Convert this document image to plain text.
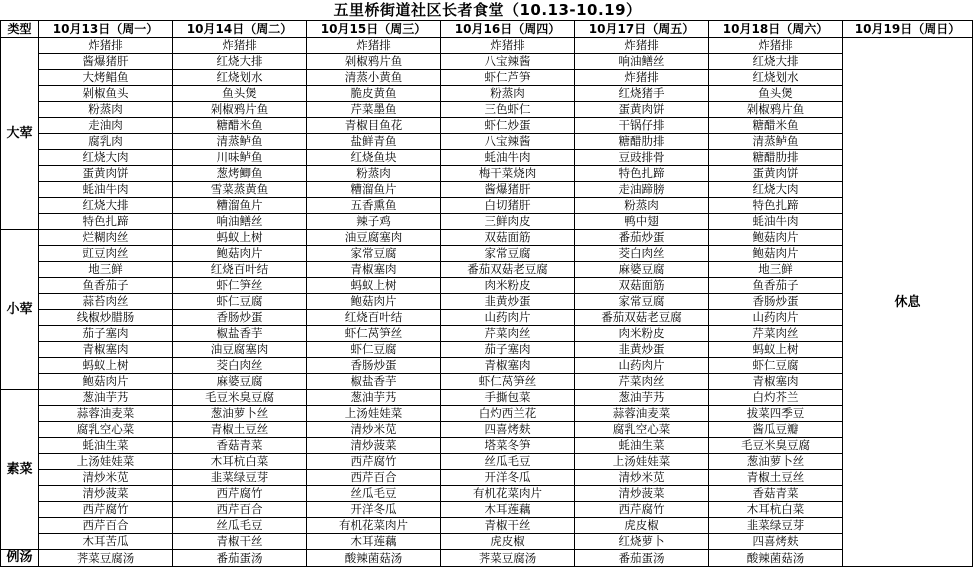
五里桥街道社区长者食堂（10.13-10.19）
类型	10月13日（周一）	10月14日（周二）	10月15日（周三）	10月16日（周四）	10月17日（周五）	10月18日（周六）	10月19日（周日）
大荤	炸猪排	炸猪排	炸猪排	炸猪排	炸猪排	炸猪排	休息
	酱爆猪肝	红烧大排	剁椒鸦片鱼	八宝辣酱	响油鳝丝	红烧大排	
	大烤鲳鱼	红烧划水	清蒸小黄鱼	虾仁芦笋	炸猪排	红烧划水	
	剁椒鱼头	鱼头煲	脆皮黄鱼	粉蒸肉	红烧猪手	鱼头煲	
	粉蒸肉	剁椒鸦片鱼	芹菜墨鱼	三色虾仁	蛋黄肉饼	剁椒鸦片鱼	
	走油肉	糖醋米鱼	青椒目鱼花	虾仁炒蛋	干锅仔排	糖醋米鱼	
	腐乳肉	清蒸鲈鱼	盐鲜青鱼	八宝辣酱	糖醋肋排	清蒸鲈鱼	
	红烧大肉	川味鲈鱼	红烧鱼块	蚝油牛肉	豆豉排骨	糖醋肋排	
	蛋黄肉饼	葱烤鲫鱼	粉蒸肉	梅干菜烧肉	特色扎蹄	蛋黄肉饼	
	蚝油牛肉	雪菜蒸黄鱼	糟溜鱼片	酱爆猪肝	走油蹄膀	红烧大肉	
	红烧大排	糟溜鱼片	五香熏鱼	白切猪肝	粉蒸肉	特色扎蹄	
	特色扎蹄	响油鳝丝	辣子鸡	三鲜肉皮	鸭中翅	蚝油牛肉	
小荤	烂糊肉丝	蚂蚁上树	油豆腐塞肉	双菇面筋	番茄炒蛋	鲍菇肉片	
	豇豆肉丝	鲍菇肉片	家常豆腐	家常豆腐	茭白肉丝	鲍菇肉片	
	地三鲜	红烧百叶结	青椒塞肉	番茄双菇老豆腐	麻婆豆腐	地三鲜	
	鱼香茄子	虾仁笋丝	蚂蚁上树	肉米粉皮	双菇面筋	鱼香茄子	
	蒜苔肉丝	虾仁豆腐	鲍菇肉片	韭黄炒蛋	家常豆腐	香肠炒蛋	
	线椒炒腊肠	香肠炒蛋	红烧百叶结	山药肉片	番茄双菇老豆腐	山药肉片	
	茄子塞肉	椒盐香芋	虾仁莴笋丝	芹菜肉丝	肉米粉皮	芹菜肉丝	
	青椒塞肉	油豆腐塞肉	虾仁豆腐	茄子塞肉	韭黄炒蛋	蚂蚁上树	
	蚂蚁上树	茭白肉丝	香肠炒蛋	青椒塞肉	山药肉片	虾仁豆腐	
	鲍菇肉片	麻婆豆腐	椒盐香芋	虾仁莴笋丝	芹菜肉丝	青椒塞肉	
素菜	葱油芋艿	毛豆米臭豆腐	葱油芋艿	手撕包菜	葱油芋艿	白灼芥兰	
	蒜蓉油麦菜	葱油萝卜丝	上汤娃娃菜	白灼西兰花	蒜蓉油麦菜	拔菜四季豆	
	腐乳空心菜	青椒土豆丝	清炒米苋	四喜烤麸	腐乳空心菜	酱瓜豆瓣	
	蚝油生菜	香菇青菜	清炒菠菜	塔菜冬笋	蚝油生菜	毛豆米臭豆腐	
	上汤娃娃菜	木耳杭白菜	西芹腐竹	丝瓜毛豆	上汤娃娃菜	葱油萝卜丝	
	清炒米苋	韭菜绿豆芽	西芹百合	开洋冬瓜	清炒米苋	青椒土豆丝	
	清炒菠菜	西芹腐竹	丝瓜毛豆	有机花菜肉片	清炒菠菜	香菇青菜	
	西芹腐竹	西芹百合	开洋冬瓜	木耳莲藕	西芹腐竹	木耳杭白菜	
	西芹百合	丝瓜毛豆	有机花菜肉片	青椒干丝	虎皮椒	韭菜绿豆芽	
	木耳苦瓜	青椒干丝	木耳莲藕	虎皮椒	红烧萝卜	四喜烤麸	
例汤	荠菜豆腐汤	番茄蛋汤	酸辣菌菇汤	荠菜豆腐汤	番茄蛋汤	酸辣菌菇汤	
